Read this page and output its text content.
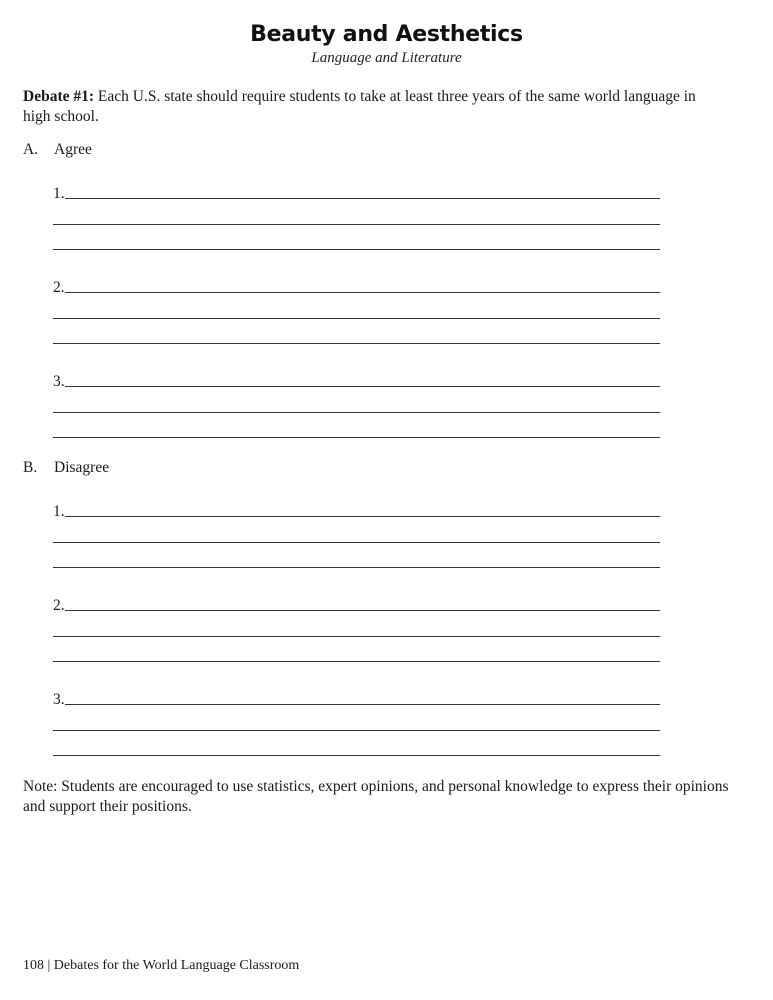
Beauty and Aesthetics
Language and Literature
Debate #1: Each U.S. state should require students to take at least three years of the same world language in high school.
A. Agree
1.
2.
3.
B. Disagree
1.
2.
3.
Note: Students are encouraged to use statistics, expert opinions, and personal knowledge to express their opinions and support their positions.
108 | Debates for the World Language Classroom
